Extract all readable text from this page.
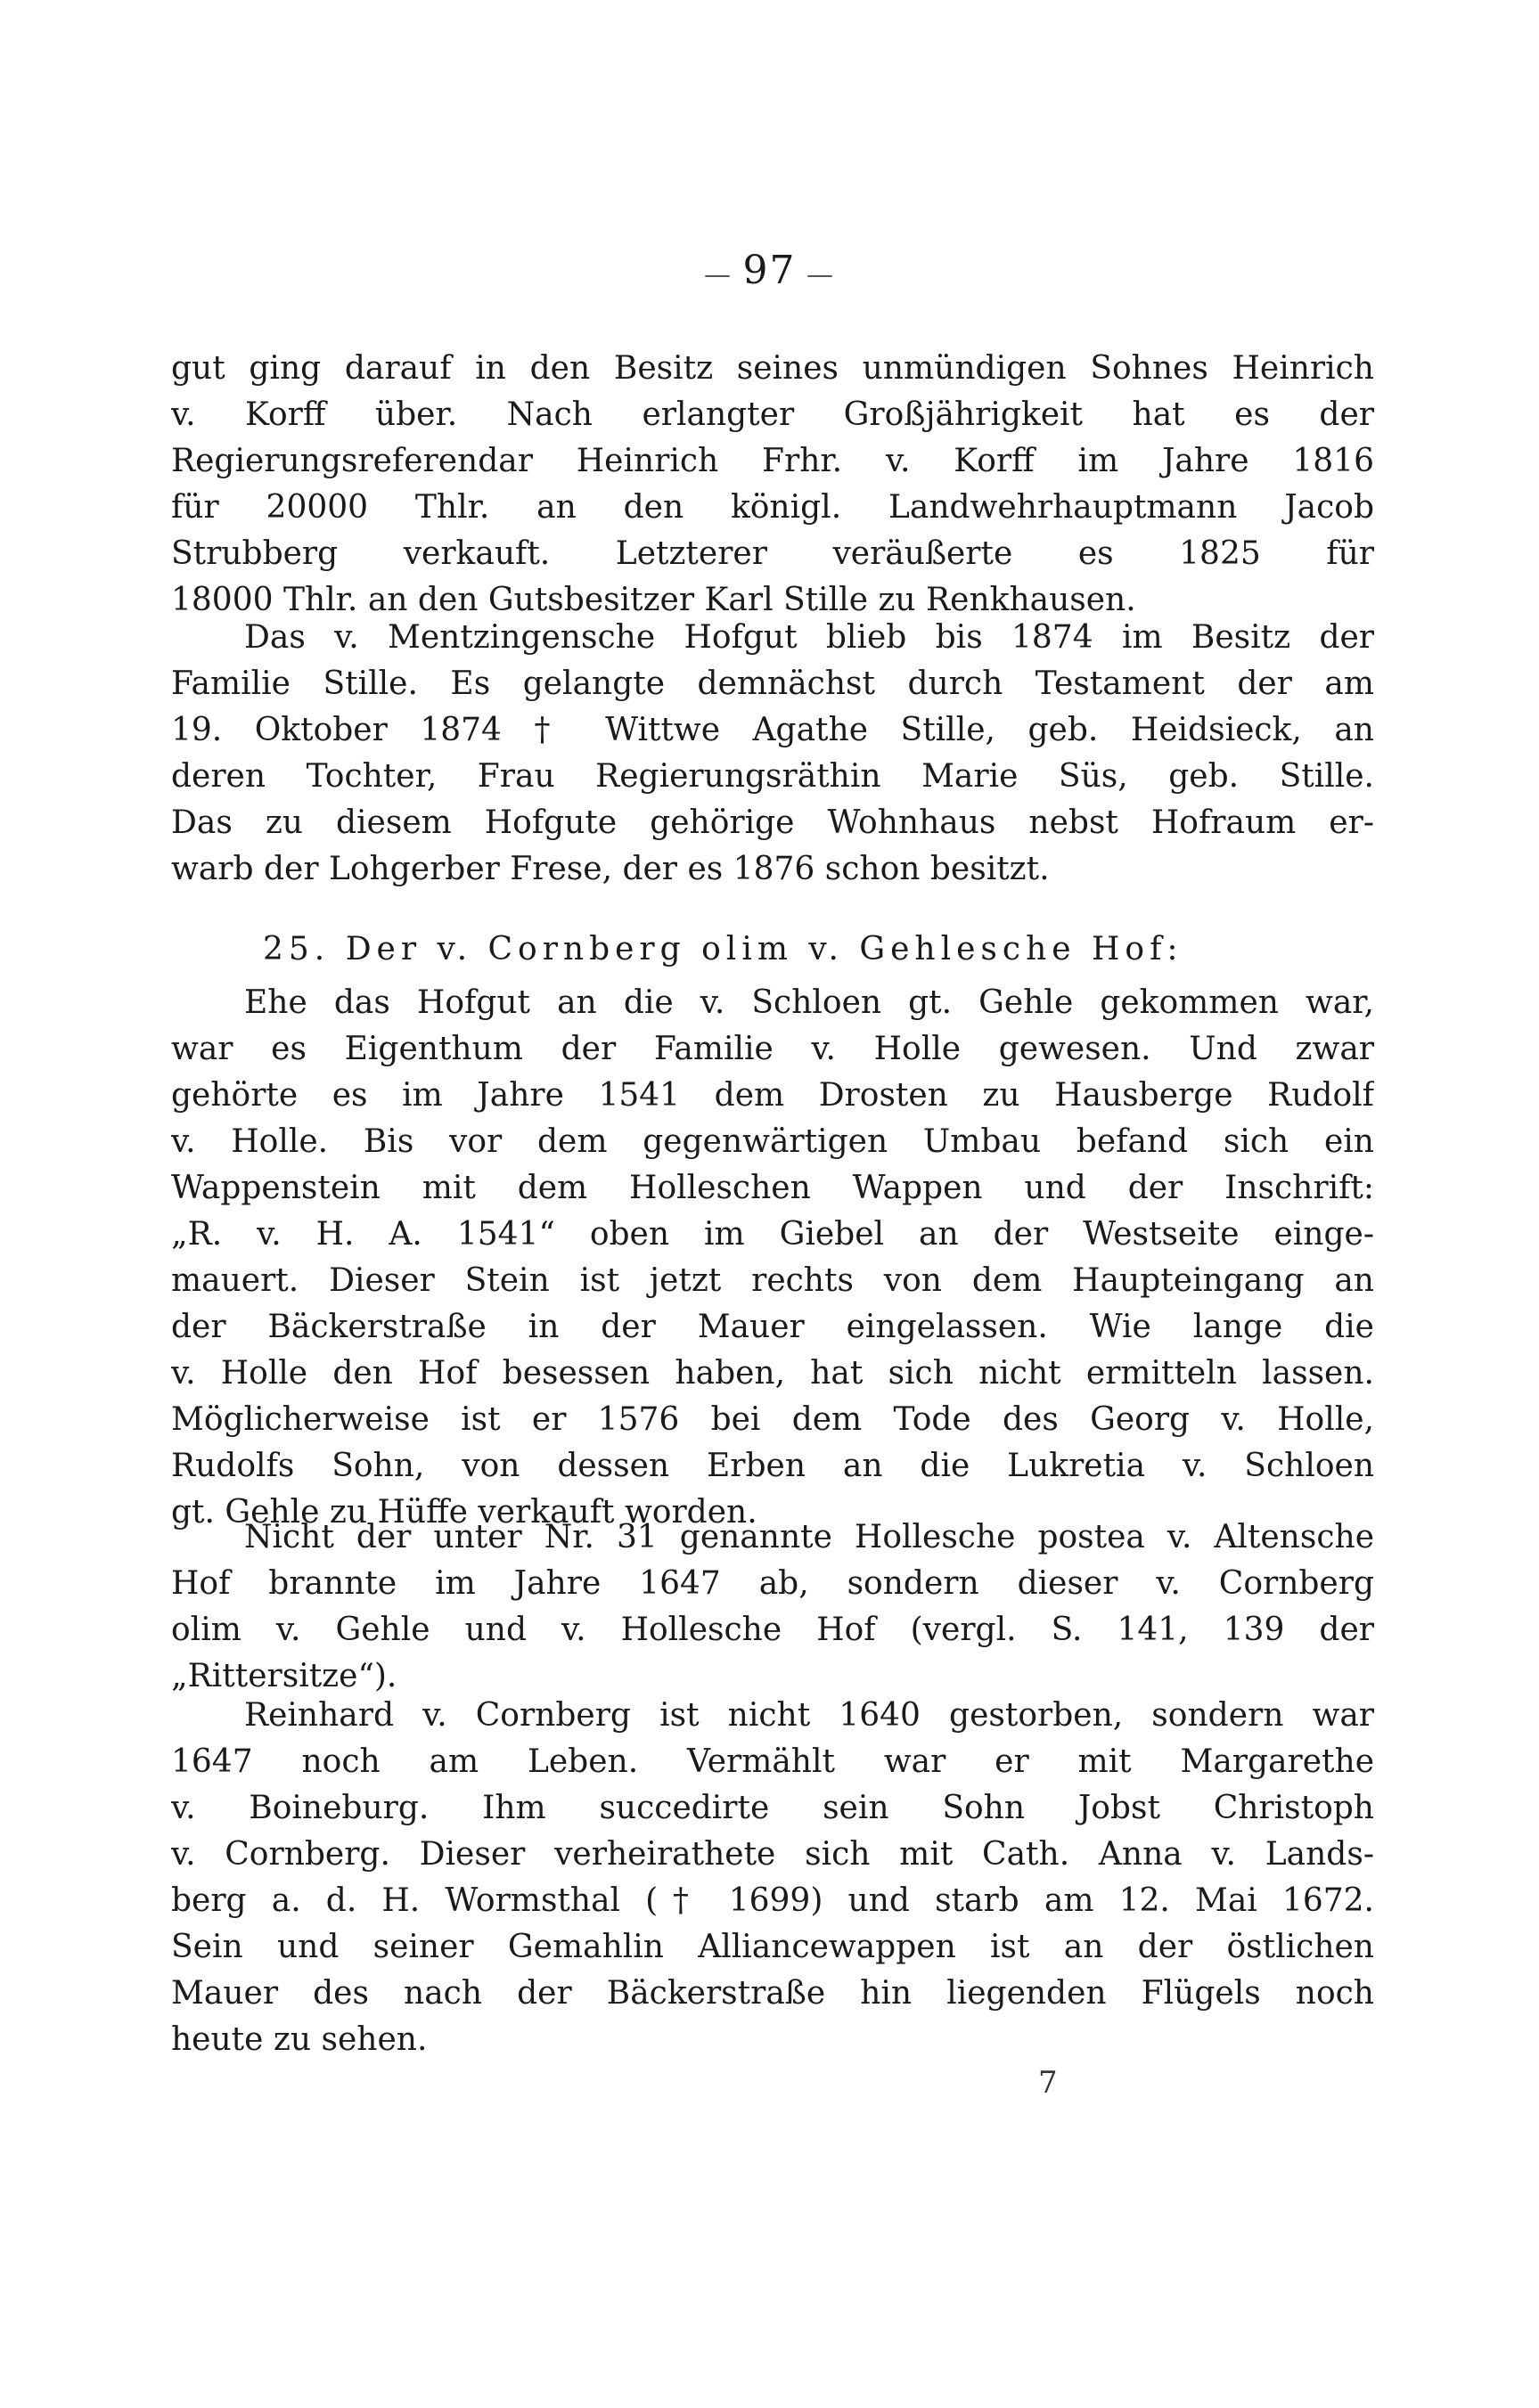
— 97 —
gut ging darauf in den Besitz seines unmündigen Sohnes Heinrich
v. Korff über. Nach erlangter Großjährigkeit hat es der
Regierungsreferendar Heinrich Frhr. v. Korff im Jahre 1816
für 20000 Thlr. an den königl. Landwehrhauptmann Jacob
Strubberg verkauft. Letzterer veräußerte es 1825 für
18000 Thlr. an den Gutsbesitzer Karl Stille zu Renkhausen.
Das v. Mentzingensche Hofgut blieb bis 1874 im Besitz der
Familie Stille. Es gelangte demnächst durch Testament der am
19. Oktober 1874 † Wittwe Agathe Stille, geb. Heidsieck, an
deren Tochter, Frau Regierungsräthin Marie Süs, geb. Stille.
Das zu diesem Hofgute gehörige Wohnhaus nebst Hofraum er-
warb der Lohgerber Frese, der es 1876 schon besitzt.
25. Der v. Cornberg olim v. Gehlesche Hof:
Ehe das Hofgut an die v. Schloen gt. Gehle gekommen war,
war es Eigenthum der Familie v. Holle gewesen. Und zwar
gehörte es im Jahre 1541 dem Drosten zu Hausberge Rudolf
v. Holle. Bis vor dem gegenwärtigen Umbau befand sich ein
Wappenstein mit dem Holleschen Wappen und der Inschrift:
„R. v. H. A. 1541“ oben im Giebel an der Westseite einge-
mauert. Dieser Stein ist jetzt rechts von dem Haupteingang an
der Bäckerstraße in der Mauer eingelassen. Wie lange die
v. Holle den Hof besessen haben, hat sich nicht ermitteln lassen.
Möglicherweise ist er 1576 bei dem Tode des Georg v. Holle,
Rudolfs Sohn, von dessen Erben an die Lukretia v. Schloen
gt. Gehle zu Hüffe verkauft worden.
Nicht der unter Nr. 31 genannte Hollesche postea v. Altensche
Hof brannte im Jahre 1647 ab, sondern dieser v. Cornberg
olim v. Gehle und v. Hollesche Hof (vergl. S. 141, 139 der
„Rittersitze“).
Reinhard v. Cornberg ist nicht 1640 gestorben, sondern war
1647 noch am Leben. Vermählt war er mit Margarethe
v. Boineburg. Ihm succedirte sein Sohn Jobst Christoph
v. Cornberg. Dieser verheirathete sich mit Cath. Anna v. Lands-
berg a. d. H. Wormsthal († 1699) und starb am 12. Mai 1672.
Sein und seiner Gemahlin Alliancewappen ist an der östlichen
Mauer des nach der Bäckerstraße hin liegenden Flügels noch
heute zu sehen.
7
